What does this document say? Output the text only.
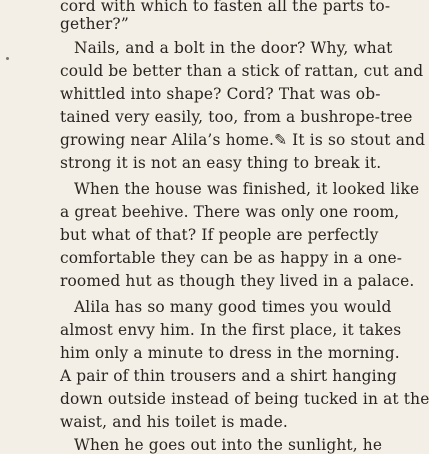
cord with which to fasten all the parts to-
gether?”
Nails, and a bolt in the door? Why, what
could be better than a stick of rattan, cut and
whittled into shape? Cord? That was ob-
tained very easily, too, from a bushrope-tree
growing near Alila’s home.✎ It is so stout and
strong it is not an easy thing to break it.
When the house was finished, it looked like
a great beehive. There was only one room,
but what of that? If people are perfectly
comfortable they can be as happy in a one-
roomed hut as though they lived in a palace.
Alila has so many good times you would
almost envy him. In the first place, it takes
him only a minute to dress in the morning.
A pair of thin trousers and a shirt hanging
down outside instead of being tucked in at the
waist, and his toilet is made.
When he goes out into the sunlight, he
